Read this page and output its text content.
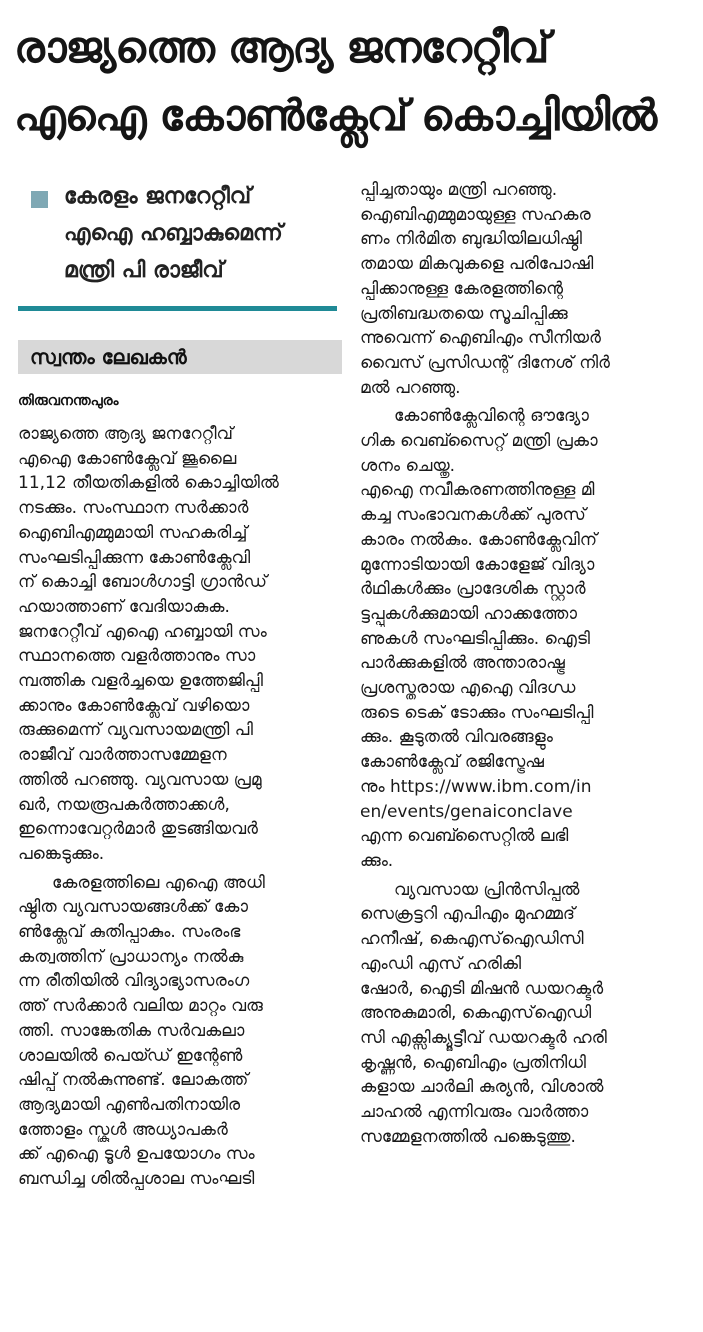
രാജ്യത്തെ ആദ്യ ജനറേറ്റീവ്
എഐ കോൺക്ലേവ് കൊച്ചിയിൽ
കേരളം ജനറേറ്റീവ്
എഐ ഹബ്ബാകുമെന്ന്
മന്ത്രി പി രാജീവ്
സ്വന്തം ലേഖകൻ
തിരുവനന്തപുരം
രാജ്യത്തെ ആദ്യ ജനറേറ്റീവ്
എഐ കോൺക്ലേവ് ജൂലൈ
11,12 തീയതികളിൽ കൊച്ചിയിൽ
നടക്കും. സംസ്ഥാന സർക്കാർ
ഐബിഎമ്മുമായി സഹകരിച്ച്
സംഘടിപ്പിക്കുന്ന കോൺക്ലേവി
ന് കൊച്ചി ബോൾഗാട്ടി ഗ്രാൻഡ്
ഹയാത്താണ് വേദിയാകുക.
ജനറേറ്റീവ് എഐ ഹബ്ബായി സം
സ്ഥാനത്തെ വളർത്താനും സാ
മ്പത്തിക വളർച്ചയെ ഉത്തേജിപ്പി
ക്കാനും കോൺക്ലേവ് വഴിയൊ
രുക്കുമെന്ന് വ്യവസായമന്ത്രി പി
രാജീവ് വാർത്താസമ്മേളന
ത്തിൽ പറഞ്ഞു. വ്യവസായ പ്രമു
ഖർ, നയരൂപകർത്താക്കൾ,
ഇന്നൊവേറ്റർമാർ തുടങ്ങിയവർ
പങ്കെടുക്കും.
കേരളത്തിലെ എഐ അധി
ഷ്ഠിത വ്യവസായങ്ങൾക്ക് കോ
ൺക്ലേവ് കുതിപ്പാകും. സംരംഭ
കത്വത്തിന് പ്രാധാന്യം നൽകു
ന്ന രീതിയിൽ വിദ്യാഭ്യാസരംഗ
ത്ത് സർക്കാർ വലിയ മാറ്റം വരു
ത്തി. സാങ്കേതിക സർവകലാ
ശാലയിൽ പെയ്ഡ് ഇന്റേൺ
ഷിപ്പ് നൽകുന്നുണ്ട്. ലോകത്ത്
ആദ്യമായി എൺപതിനായിര
ത്തോളം സ്കൂൾ അധ്യാപകർ
ക്ക് എഐ ടൂൾ ഉപയോഗം സം
ബന്ധിച്ച ശിൽപ്പശാല സംഘടി
പ്പിച്ചതായും മന്ത്രി പറഞ്ഞു.
ഐബിഎമ്മുമായുള്ള സഹകര
ണം നിർമിത ബുദ്ധിയിലധിഷ്ഠി
തമായ മികവുകളെ പരിപോഷി
പ്പിക്കാനുള്ള കേരളത്തിന്റെ
പ്രതിബദ്ധതയെ സൂചിപ്പിക്കു
ന്നുവെന്ന് ഐബിഎം സീനിയർ
വൈസ് പ്രസിഡന്റ് ദിനേശ് നിർ
മൽ പറഞ്ഞു.
കോൺക്ലേവിന്റെ ഔദ്യോ
ഗിക വെബ്സൈറ്റ് മന്ത്രി പ്രകാ
ശനം ചെയ്തു.
എഐ നവീകരണത്തിനുള്ള മി
കച്ച സംഭാവനകൾക്ക് പുരസ്
കാരം നൽകും. കോൺക്ലേവിന്
മുന്നോടിയായി കോളേജ് വിദ്യാ
ർഥികൾക്കും പ്രാദേശിക സ്റ്റാർ
ട്ടപ്പുകൾക്കുമായി ഹാക്കത്തോ
ണുകൾ സംഘടിപ്പിക്കും. ഐടി
പാർക്കുകളിൽ അന്താരാഷ്ട്ര
പ്രശസ്തരായ എഐ വിദഗ്ധ
രുടെ ടെക് ടോക്കും സംഘടിപ്പി
ക്കും. കൂടുതൽ വിവരങ്ങളും
കോൺക്ലേവ് രജിസ്ട്രേഷ
നും https://www.ibm.com/in
en/events/genaiconclave
എന്ന വെബ്സൈറ്റിൽ ലഭി
ക്കും.
വ്യവസായ പ്രിൻസിപ്പൽ
സെക്രട്ടറി എപിഎം മുഹമ്മദ്
ഹനീഷ്, കെഎസ്ഐഡിസി
എംഡി എസ് ഹരികി
ഷോർ, ഐടി മിഷൻ ഡയറക്ടർ
അനുകുമാരി, കെഎസ്ഐഡി
സി എക്സിക്യൂട്ടീവ് ഡയറക്ടർ ഹരി
കൃഷ്ണൻ, ഐബിഎം പ്രതിനിധി
കളായ ചാർലി കുര്യൻ, വിശാൽ
ചാഹൽ എന്നിവരും വാർത്താ
സമ്മേളനത്തിൽ പങ്കെടുത്തു.
